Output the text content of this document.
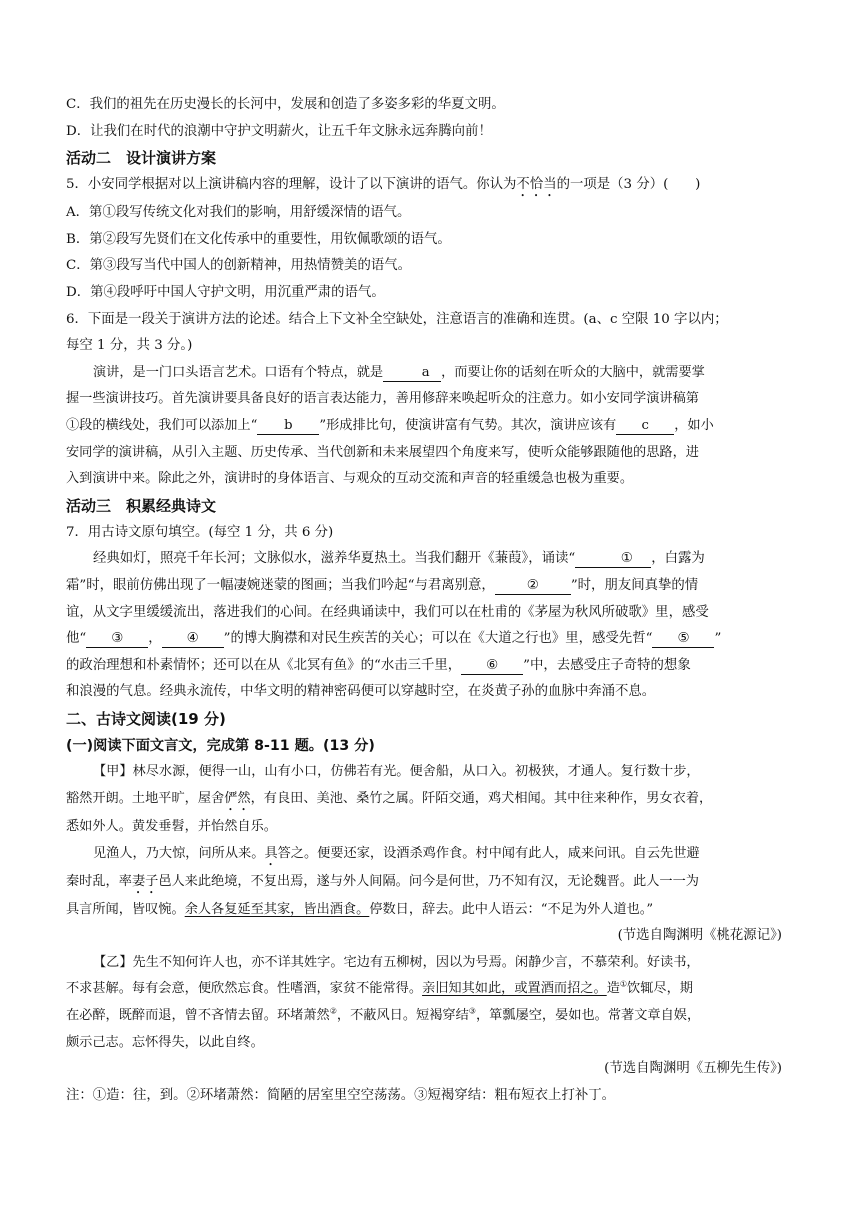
C．我们的祖先在历史漫长的长河中，发展和创造了多姿多彩的华夏文明。

D．让我们在时代的浪潮中守护文明薪火，让五千年文脉永远奔腾向前！

活动二　设计演讲方案

5．小安同学根据对以上演讲稿内容的理解，设计了以下演讲的语气。你认为不恰当的一项是（3 分）(　　)

A．第①段写传统文化对我们的影响，用舒缓深情的语气。

B．第②段写先贤们在文化传承中的重要性，用钦佩歌颂的语气。

C．第③段写当代中国人的创新精神，用热情赞美的语气。

D．第④段呼吁中国人守护文明，用沉重严肃的语气。

6．下面是一段关于演讲方法的论述。结合上下文补全空缺处，注意语言的准确和连贯。(a、c 空限 10 字以内；

每空 1 分，共 3 分。)

演讲，是一门口头语言艺术。口语有个特点，就是	a ，而要让你的话刻在听众的大脑中，就需要掌

握一些演讲技巧。首先演讲要具备良好的语言表达能力，善用修辞来唤起听众的注意力。如小安同学演讲稿第

①段的横线处，我们可以添加上“ b ”形成排比句，使演讲富有气势。其次，演讲应该有 c ，如小

安同学的演讲稿，从引入主题、历史传承、当代创新和未来展望四个角度来写，使听众能够跟随他的思路，进

入到演讲中来。除此之外，演讲时的身体语言、与观众的互动交流和声音的轻重缓急也极为重要。

活动三　积累经典诗文

7．用古诗文原句填空。(每空 1 分，共 6 分)

经典如灯，照亮千年长河；文脉似水，滋养华夏热土。当我们翻开《蒹葭》，诵读“	① ，白露为

霜”时，眼前仿佛出现了一幅凄婉迷蒙的图画；当我们吟起“与君离别意， ② ”时，朋友间真挚的情

谊，从文字里缓缓流出，落进我们的心间。在经典诵读中，我们可以在杜甫的《茅屋为秋风所破歌》里，感受

他“ ③ ， ④ ”的博大胸襟和对民生疾苦的关心；可以在《大道之行也》里，感受先哲“ ⑤ ”

的政治理想和朴素情怀；还可以在从《北冥有鱼》的“水击三千里， ⑥ ”中，去感受庄子奇特的想象

和浪漫的气息。经典永流传，中华文明的精神密码便可以穿越时空，在炎黄子孙的血脉中奔涌不息。

二、古诗文阅读(19 分)

(一)阅读下面文言文，完成第 8-11 题。(13 分)

【甲】林尽水源，便得一山，山有小口，仿佛若有光。便舍船，从口入。初极狭，才通人。复行数十步，

豁然开朗。土地平旷，屋舍俨然，有良田、美池、桑竹之属。阡陌交通，鸡犬相闻。其中往来种作，男女衣着，

悉如外人。黄发垂髫，并怡然自乐。

见渔人，乃大惊，问所从来。具答之。便要还家，设酒杀鸡作食。村中闻有此人，咸来问讯。自云先世避

秦时乱，率妻子邑人来此绝境，不复出焉，遂与外人间隔。问今是何世，乃不知有汉，无论魏晋。此人一一为

具言所闻，皆叹惋。余人各复延至其家，皆出酒食。停数日，辞去。此中人语云：“不足为外人道也。”

(节选自陶渊明《桃花源记》)

【乙】先生不知何许人也，亦不详其姓字。宅边有五柳树，因以为号焉。闲静少言，不慕荣利。好读书，

不求甚解。每有会意，便欣然忘食。性嗜酒，家贫不能常得。亲旧知其如此，或置酒而招之。造①饮辄尽，期

在必醉，既醉而退，曾不吝情去留。环堵萧然②，不蔽风日。短褐穿结③，箪瓢屡空，晏如也。常著文章自娱，

颇示己志。忘怀得失，以此自终。

(节选自陶渊明《五柳先生传》)

注：①造：往，到。②环堵萧然：简陋的居室里空空荡荡。③短褐穿结：粗布短衣上打补丁。
